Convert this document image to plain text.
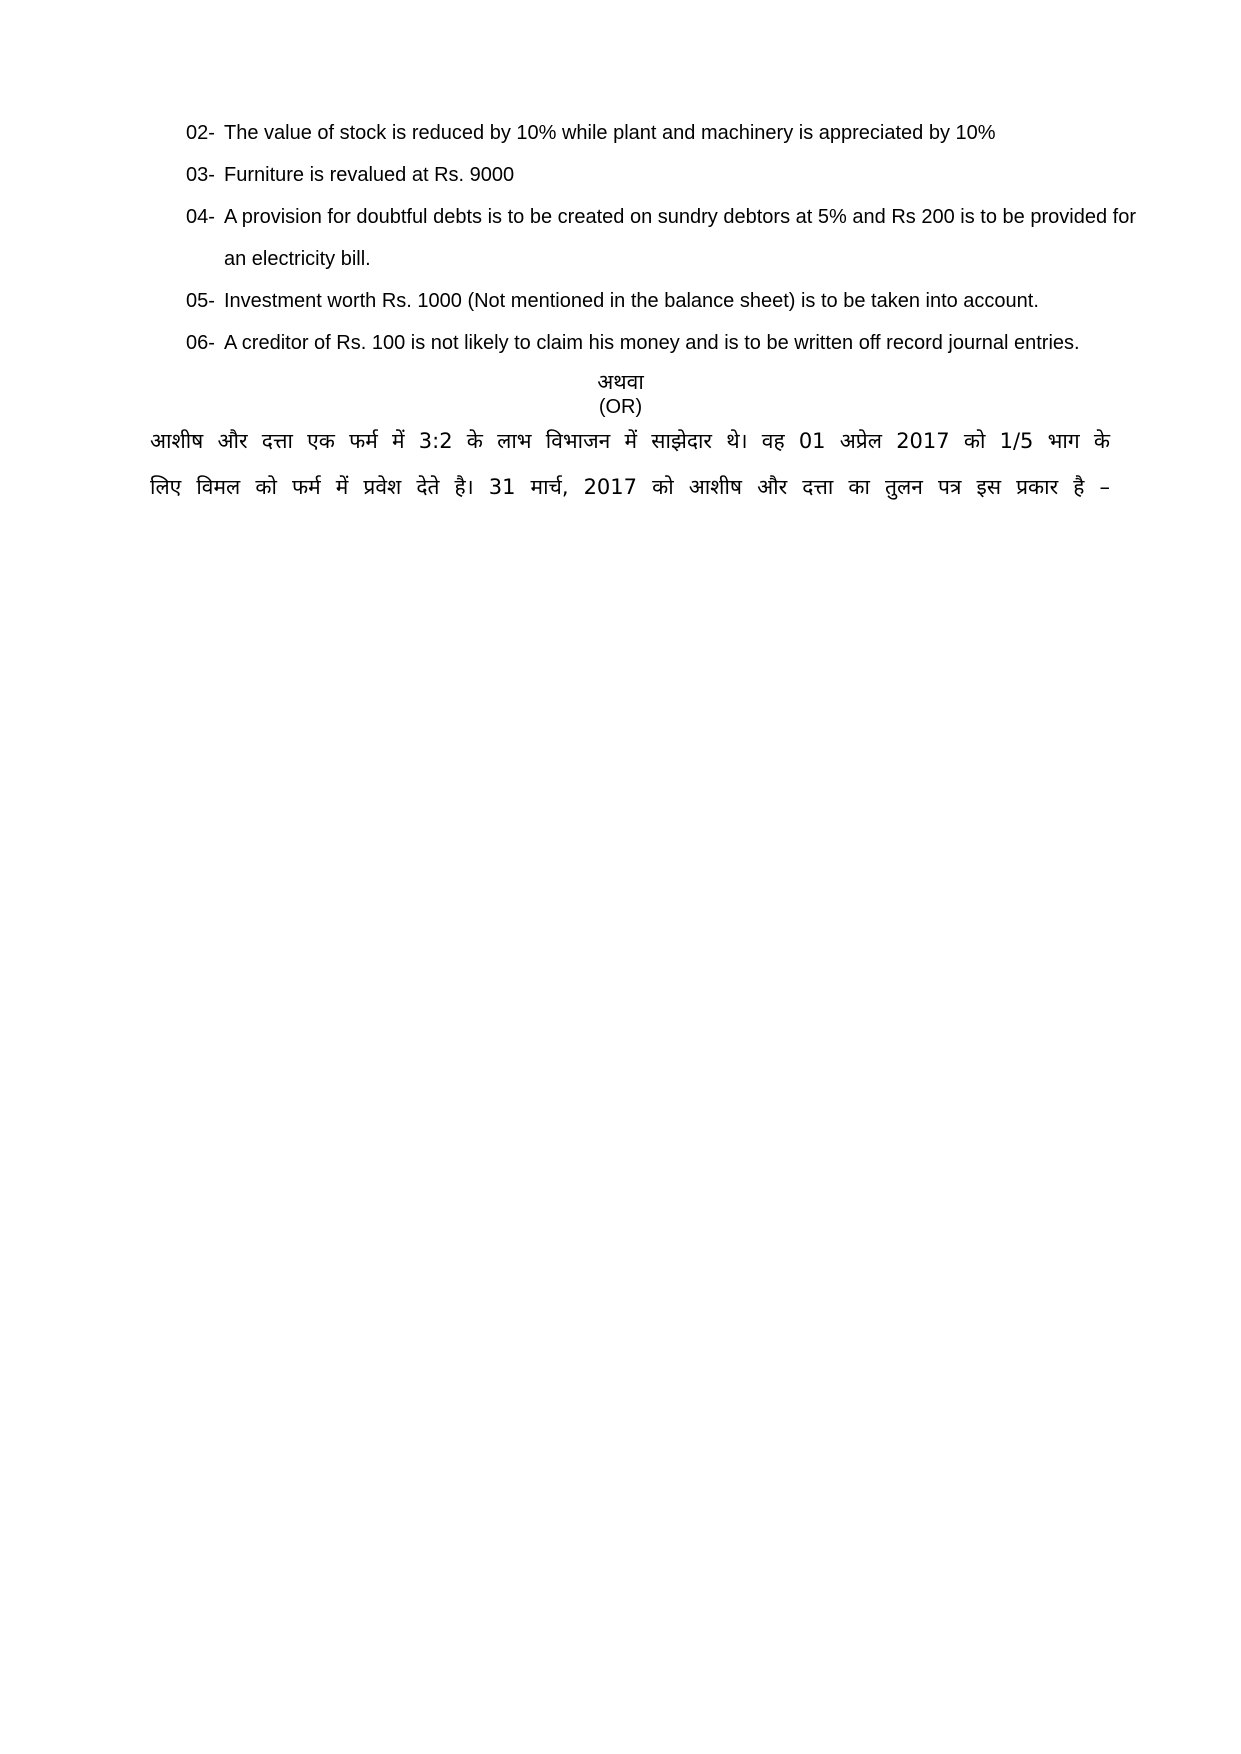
02- The value of stock is reduced by 10% while plant and machinery is appreciated by 10%
03- Furniture is revalued at Rs. 9000
04- A provision for doubtful debts is to be created on sundry debtors at 5% and Rs 200 is to be provided for an electricity bill.
05- Investment worth Rs. 1000 (Not mentioned in the balance sheet) is to be taken into account.
06- A creditor of Rs. 100 is not likely to claim his money and is to be written off record journal entries.
अथवा
(OR)

आशीष और दत्ता एक फर्म में 3:2 के लाभ विभाजन में साझेदार थे। वह 01 अप्रेल 2017 को 1/5 भाग के
लिए विमल को फर्म में प्रवेश देते है। 31 मार्च, 2017 को आशीष और दत्ता का तुलन पत्र इस प्रकार है –
